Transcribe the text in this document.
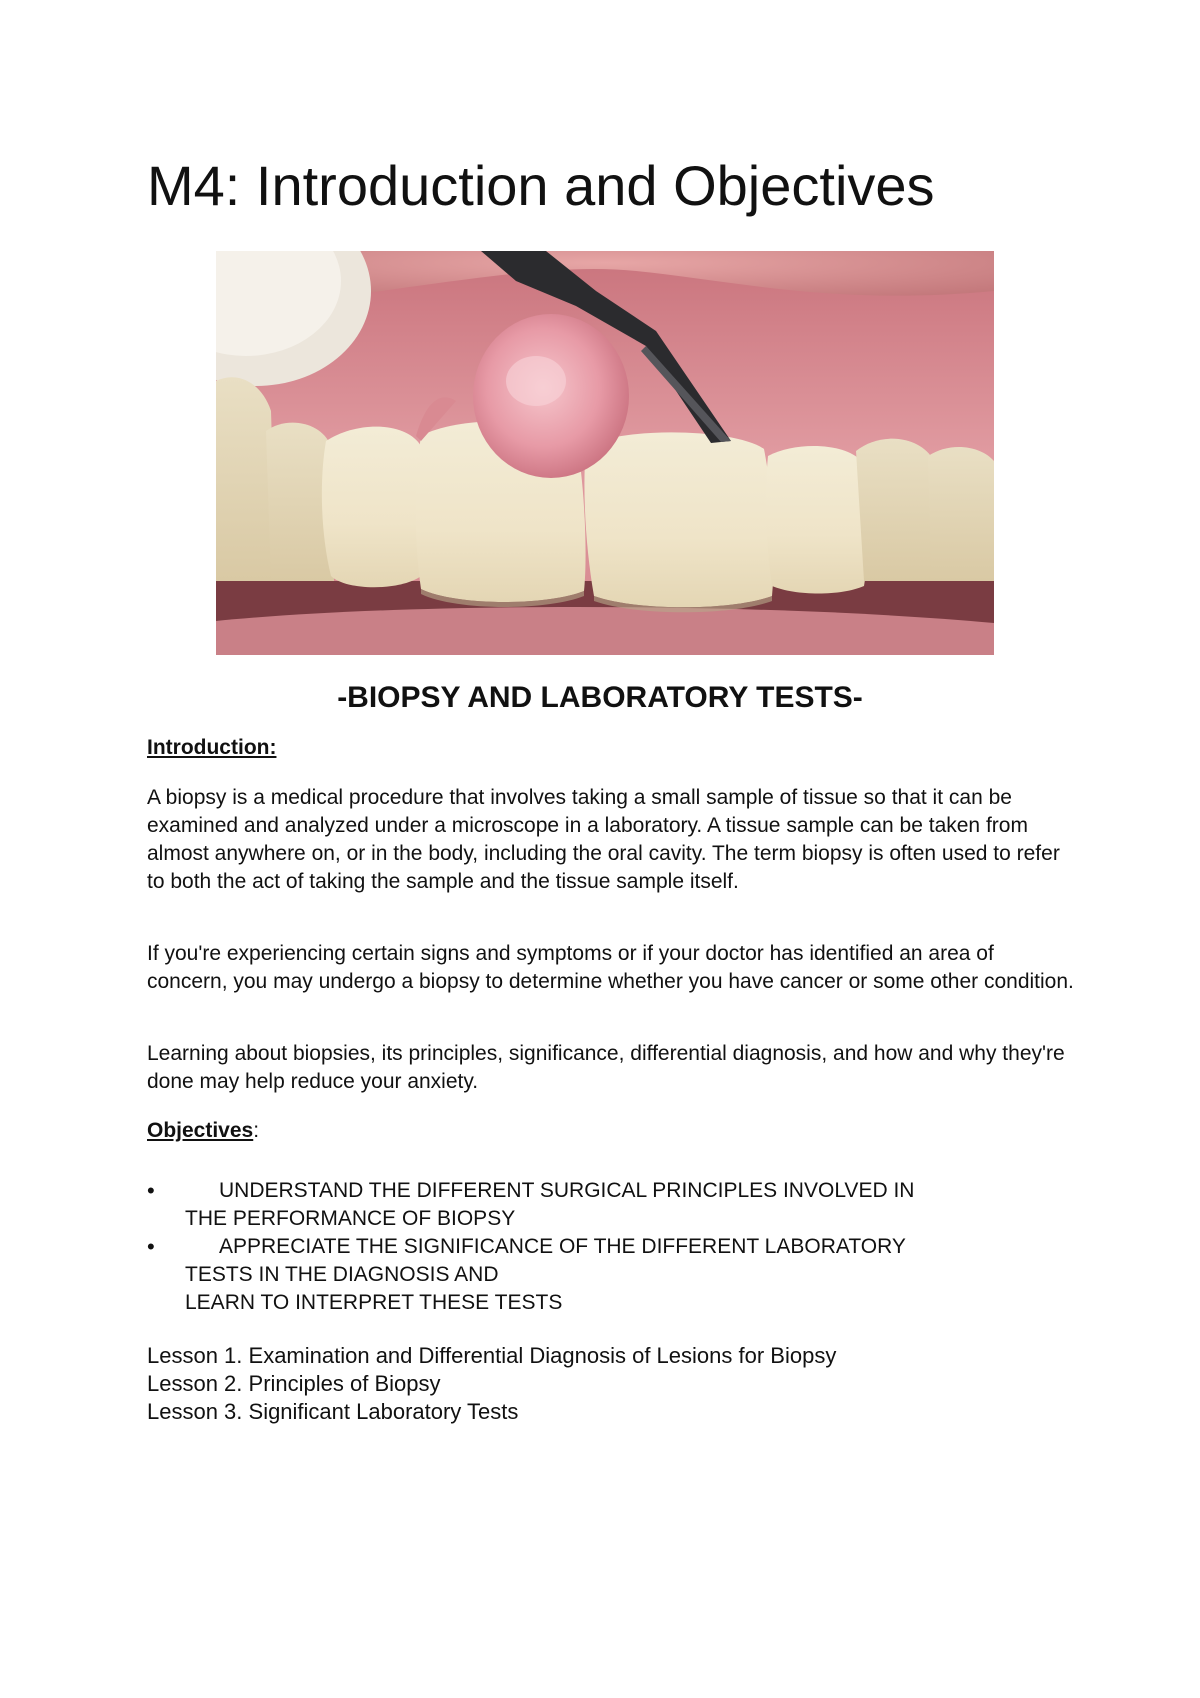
M4: Introduction and Objectives
-BIOPSY AND LABORATORY TESTS-

Introduction:

A biopsy is a medical procedure that involves taking a small sample of tissue so that it can be examined and analyzed under a microscope in a laboratory. A tissue sample can be taken from almost anywhere on, or in the body, including the oral cavity. The term biopsy is often used to refer to both the act of taking the sample and the tissue sample itself.

If you're experiencing certain signs and symptoms or if your doctor has identified an area of concern, you may undergo a biopsy to determine whether you have cancer or some other condition.

Learning about biopsies, its principles, significance, differential diagnosis, and how and why they're done may help reduce your anxiety.

Objectives:

•	UNDERSTAND THE DIFFERENT SURGICAL PRINCIPLES INVOLVED IN
THE PERFORMANCE OF BIOPSY
•	APPRECIATE THE SIGNIFICANCE OF THE DIFFERENT LABORATORY
TESTS IN THE DIAGNOSIS AND
LEARN TO INTERPRET THESE TESTS
Lesson 1. Examination and Differential Diagnosis of Lesions for Biopsy
Lesson 2. Principles of Biopsy
Lesson 3. Significant Laboratory Tests
